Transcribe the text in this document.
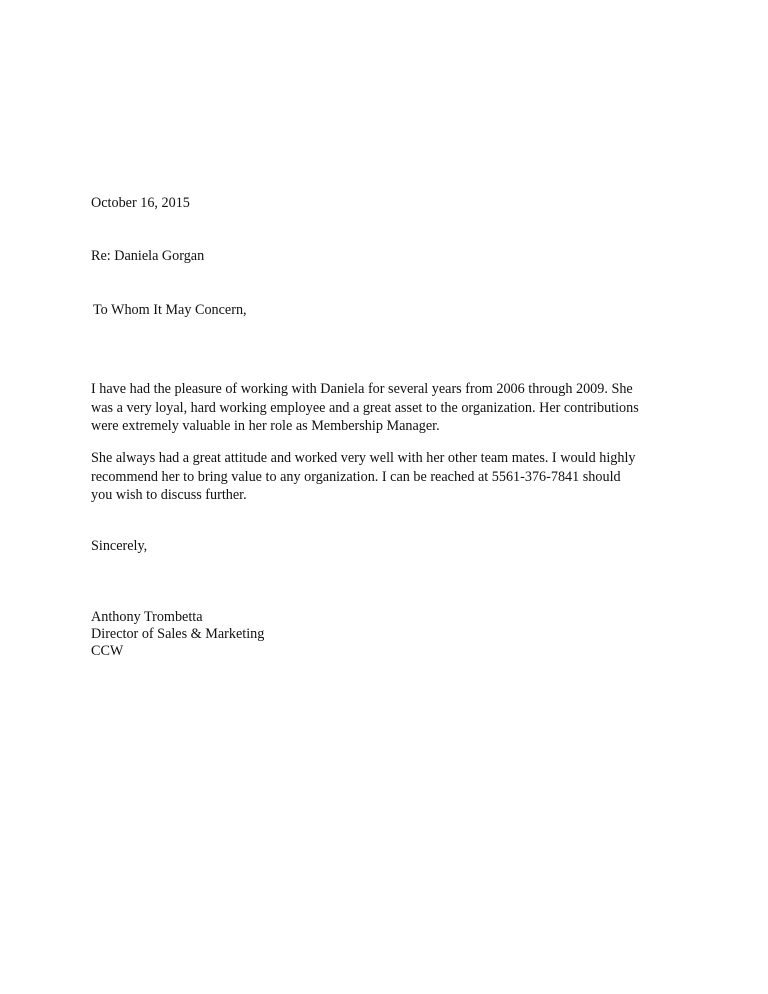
October 16, 2015
Re: Daniela Gorgan
To Whom It May Concern,
I have had the pleasure of working with Daniela for several years from 2006 through 2009. She
was a very loyal, hard working employee and a great asset to the organization. Her contributions
were extremely valuable in her role as Membership Manager.
She always had a great attitude and worked very well with her other team mates. I would highly
recommend her to bring value to any organization. I can be reached at 5561-376-7841 should
you wish to discuss further.
Sincerely,
Anthony Trombetta
Director of Sales & Marketing
CCW
